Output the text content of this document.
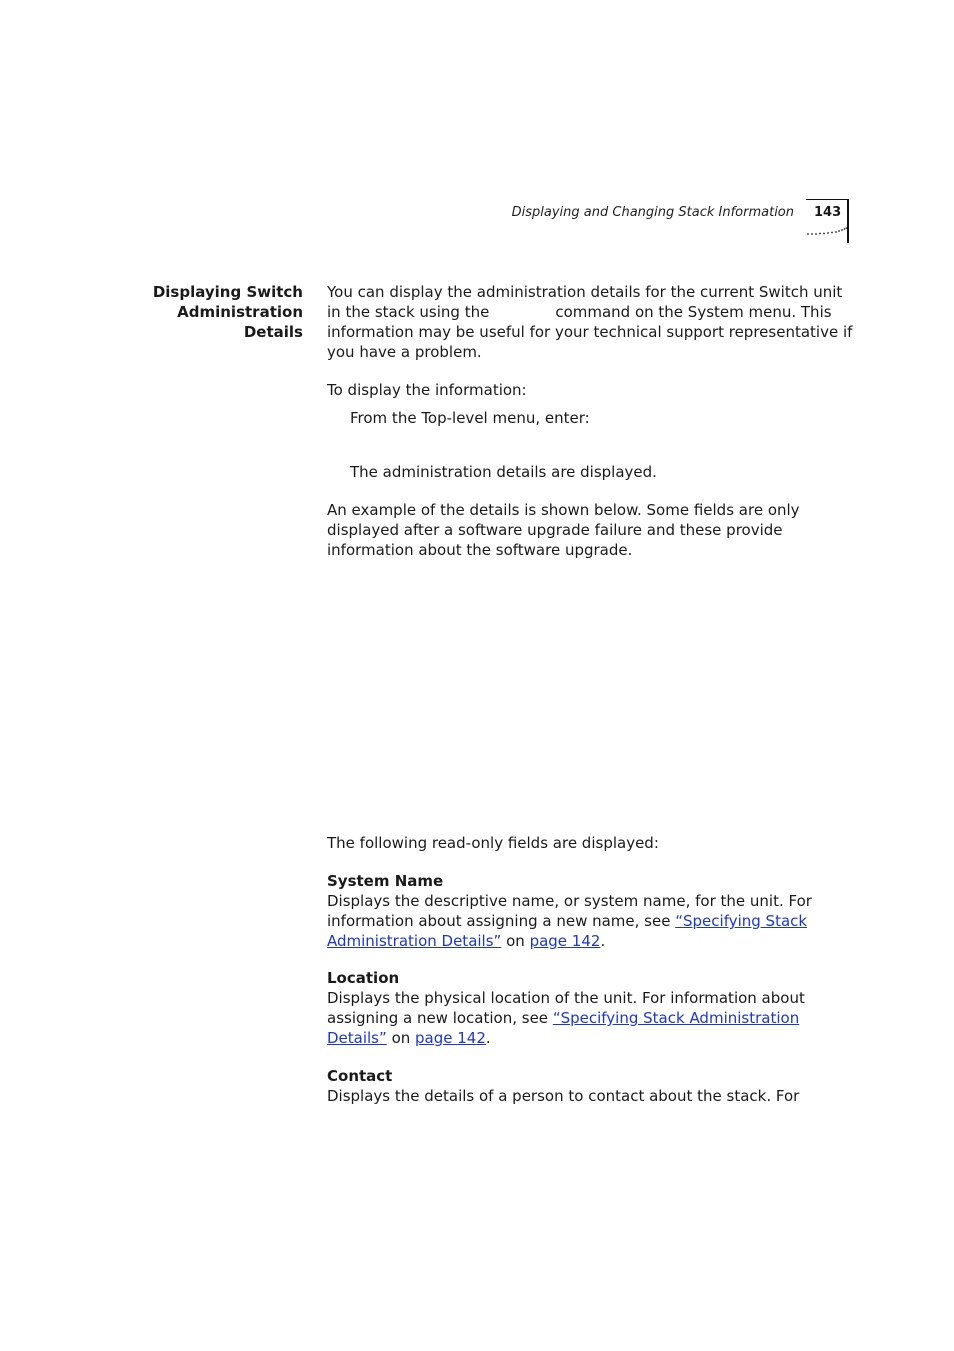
Displaying and Changing Stack Information 143
Displaying Switch
Administration
Details

You can display the administration details for the current Switch unit in the stack using the	command on the System menu. This information may be useful for your technical support representative if you have a problem.

To display the information:
From the Top-level menu, enter:
The administration details are displayed.
An example of the details is shown below. Some fields are only displayed after a software upgrade failure and these provide information about the software upgrade.
The following read-only fields are displayed:
System Name

Displays the descriptive name, or system name, for the unit. For information about assigning a new name, see “Specifying Stack Administration Details” on page 142.

Location

Displays the physical location of the unit. For information about assigning a new location, see “Specifying Stack Administration Details” on page 142.

Contact

Displays the details of a person to contact about the stack. For
